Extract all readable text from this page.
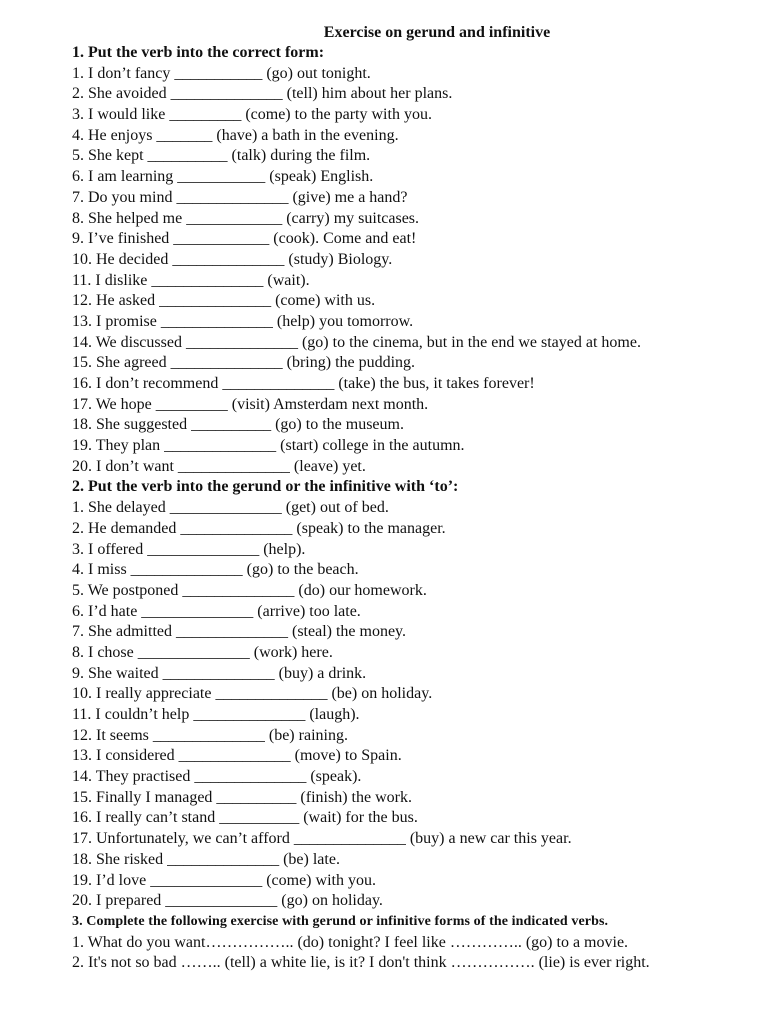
Exercise on gerund and infinitive
1. Put the verb into the correct form:
1. I don’t fancy ___________ (go) out tonight.
2. She avoided ______________ (tell) him about her plans.
3. I would like _________ (come) to the party with you.
4. He enjoys _______ (have) a bath in the evening.
5. She kept __________ (talk) during the film.
6. I am learning ___________ (speak) English.
7. Do you mind ______________ (give) me a hand?
8. She helped me ____________ (carry) my suitcases.
9. I’ve finished ____________ (cook). Come and eat!
10. He decided ______________ (study) Biology.
11. I dislike ______________ (wait).
12. He asked ______________ (come) with us.
13. I promise ______________ (help) you tomorrow.
14. We discussed ______________ (go) to the cinema, but in the end we stayed at home.
15. She agreed ______________ (bring) the pudding.
16. I don’t recommend ______________ (take) the bus, it takes forever!
17. We hope _________ (visit) Amsterdam next month.
18. She suggested __________ (go) to the museum.
19. They plan ______________ (start) college in the autumn.
20. I don’t want ______________ (leave) yet.
2. Put the verb into the gerund or the infinitive with ‘to’:
1. She delayed ______________ (get) out of bed.
2. He demanded ______________ (speak) to the manager.
3. I offered ______________ (help).
4. I miss ______________ (go) to the beach.
5. We postponed ______________ (do) our homework.
6. I’d hate ______________ (arrive) too late.
7. She admitted ______________ (steal) the money.
8. I chose ______________ (work) here.
9. She waited ______________ (buy) a drink.
10. I really appreciate ______________ (be) on holiday.
11. I couldn’t help ______________ (laugh).
12. It seems ______________ (be) raining.
13. I considered ______________ (move) to Spain.
14. They practised ______________ (speak).
15. Finally I managed __________ (finish) the work.
16. I really can’t stand __________ (wait) for the bus.
17. Unfortunately, we can’t afford ______________ (buy) a new car this year.
18. She risked ______________ (be) late.
19. I’d love ______________ (come) with you.
20. I prepared ______________ (go) on holiday.
3. Complete the following exercise with gerund or infinitive forms of the indicated verbs.
1. What do you want…………….. (do) tonight? I feel like ………….. (go) to a movie.
2. It's not so bad …….. (tell) a white lie, is it? I don't think ……………. (lie) is ever right.
